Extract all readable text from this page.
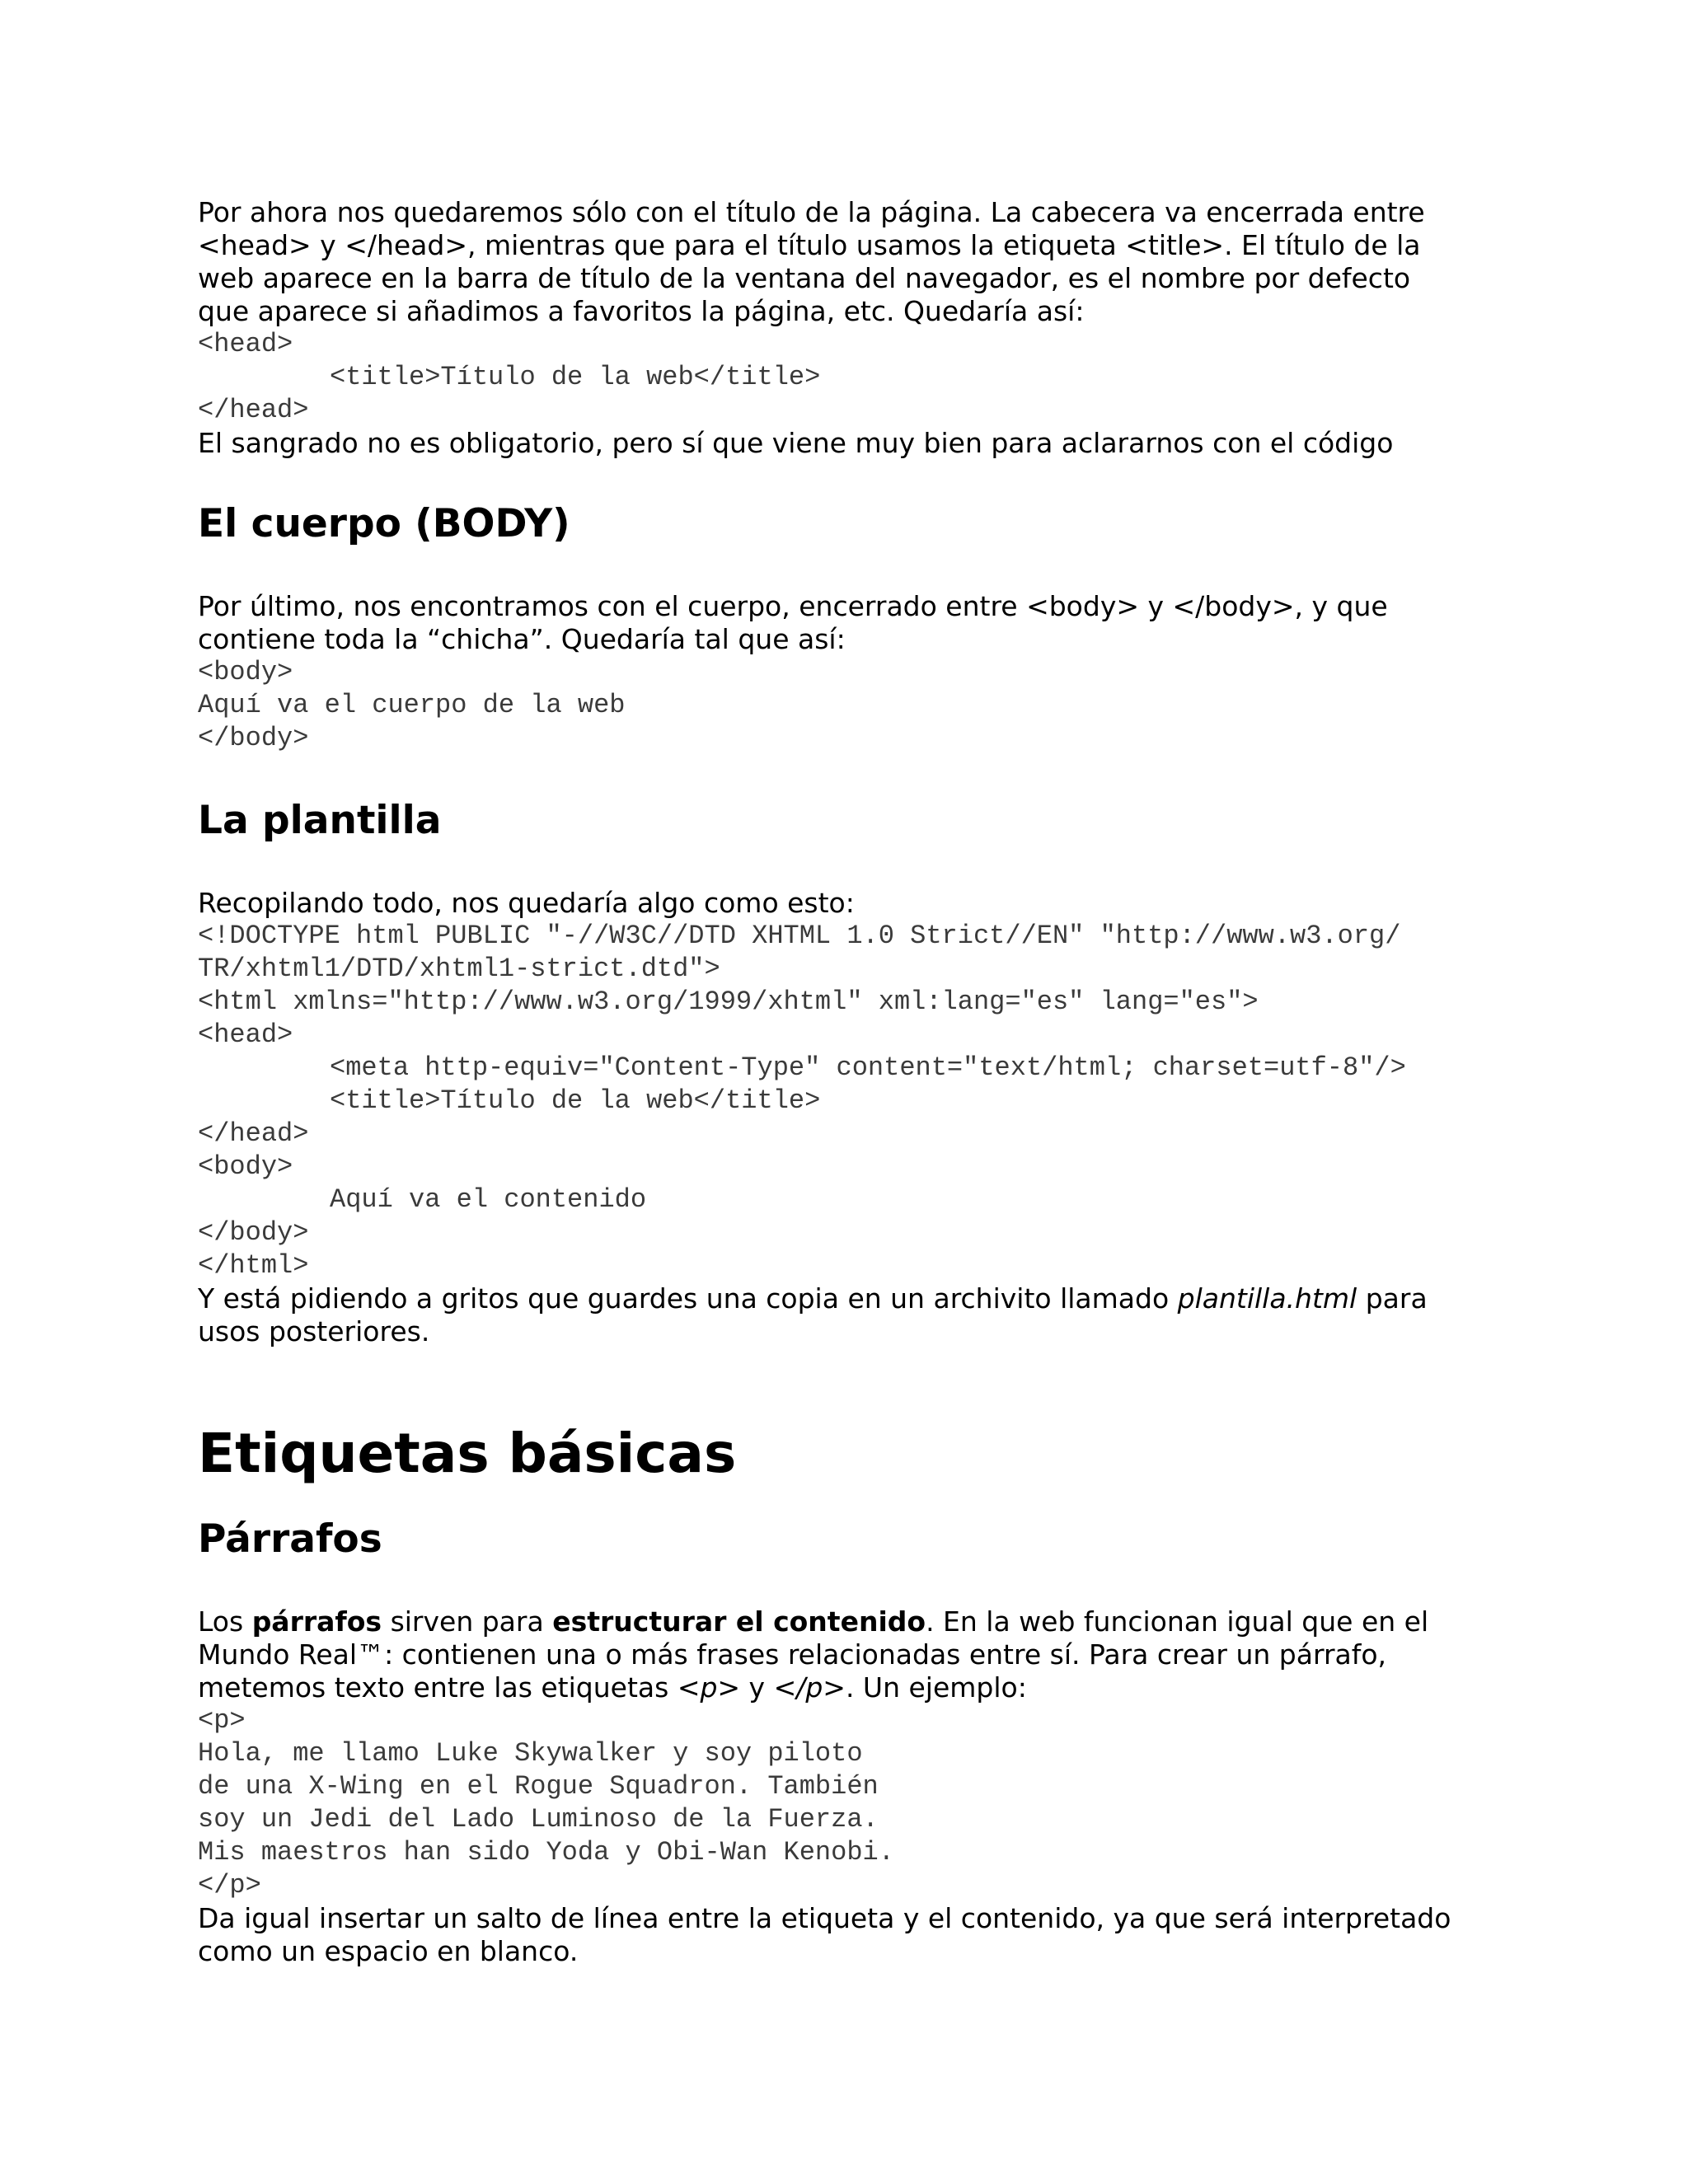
Por ahora nos quedaremos sólo con el título de la página. La cabecera va encerrada entre

<head> y </head>, mientras que para el título usamos la etiqueta <title>. El título de la

web aparece en la barra de título de la ventana del navegador, es el nombre por defecto

que aparece si añadimos a favoritos la página, etc. Quedaría así:

<head>

<title>Título de la web</title>

</head>

El sangrado no es obligatorio, pero sí que viene muy bien para aclararnos con el código

El cuerpo (BODY)

Por último, nos encontramos con el cuerpo, encerrado entre <body> y </body>, y que

contiene toda la “chicha”. Quedaría tal que así:

<body>

Aquí va el cuerpo de la web

</body>

La plantilla

Recopilando todo, nos quedaría algo como esto:

<!DOCTYPE html PUBLIC "-//W3C//DTD XHTML 1.0 Strict//EN" "http://www.w3.org/

TR/xhtml1/DTD/xhtml1-strict.dtd">

<html xmlns="http://www.w3.org/1999/xhtml" xml:lang="es" lang="es">

<head>

<meta http-equiv="Content-Type" content="text/html; charset=utf-8"/>

<title>Título de la web</title>

</head>

<body>

Aquí va el contenido

</body>

</html>

Y está pidiendo a gritos que guardes una copia en un archivito llamado plantilla.html para

usos posteriores.

Etiquetas básicas
Párrafos

Los párrafos sirven para estructurar el contenido. En la web funcionan igual que en el

Mundo Real™: contienen una o más frases relacionadas entre sí. Para crear un párrafo,

metemos texto entre las etiquetas <p> y </p>. Un ejemplo:

<p>

Hola, me llamo Luke Skywalker y soy piloto

de una X-Wing en el Rogue Squadron. También

soy un Jedi del Lado Luminoso de la Fuerza.

Mis maestros han sido Yoda y Obi-Wan Kenobi.

</p>

Da igual insertar un salto de línea entre la etiqueta y el contenido, ya que será interpretado

como un espacio en blanco.
